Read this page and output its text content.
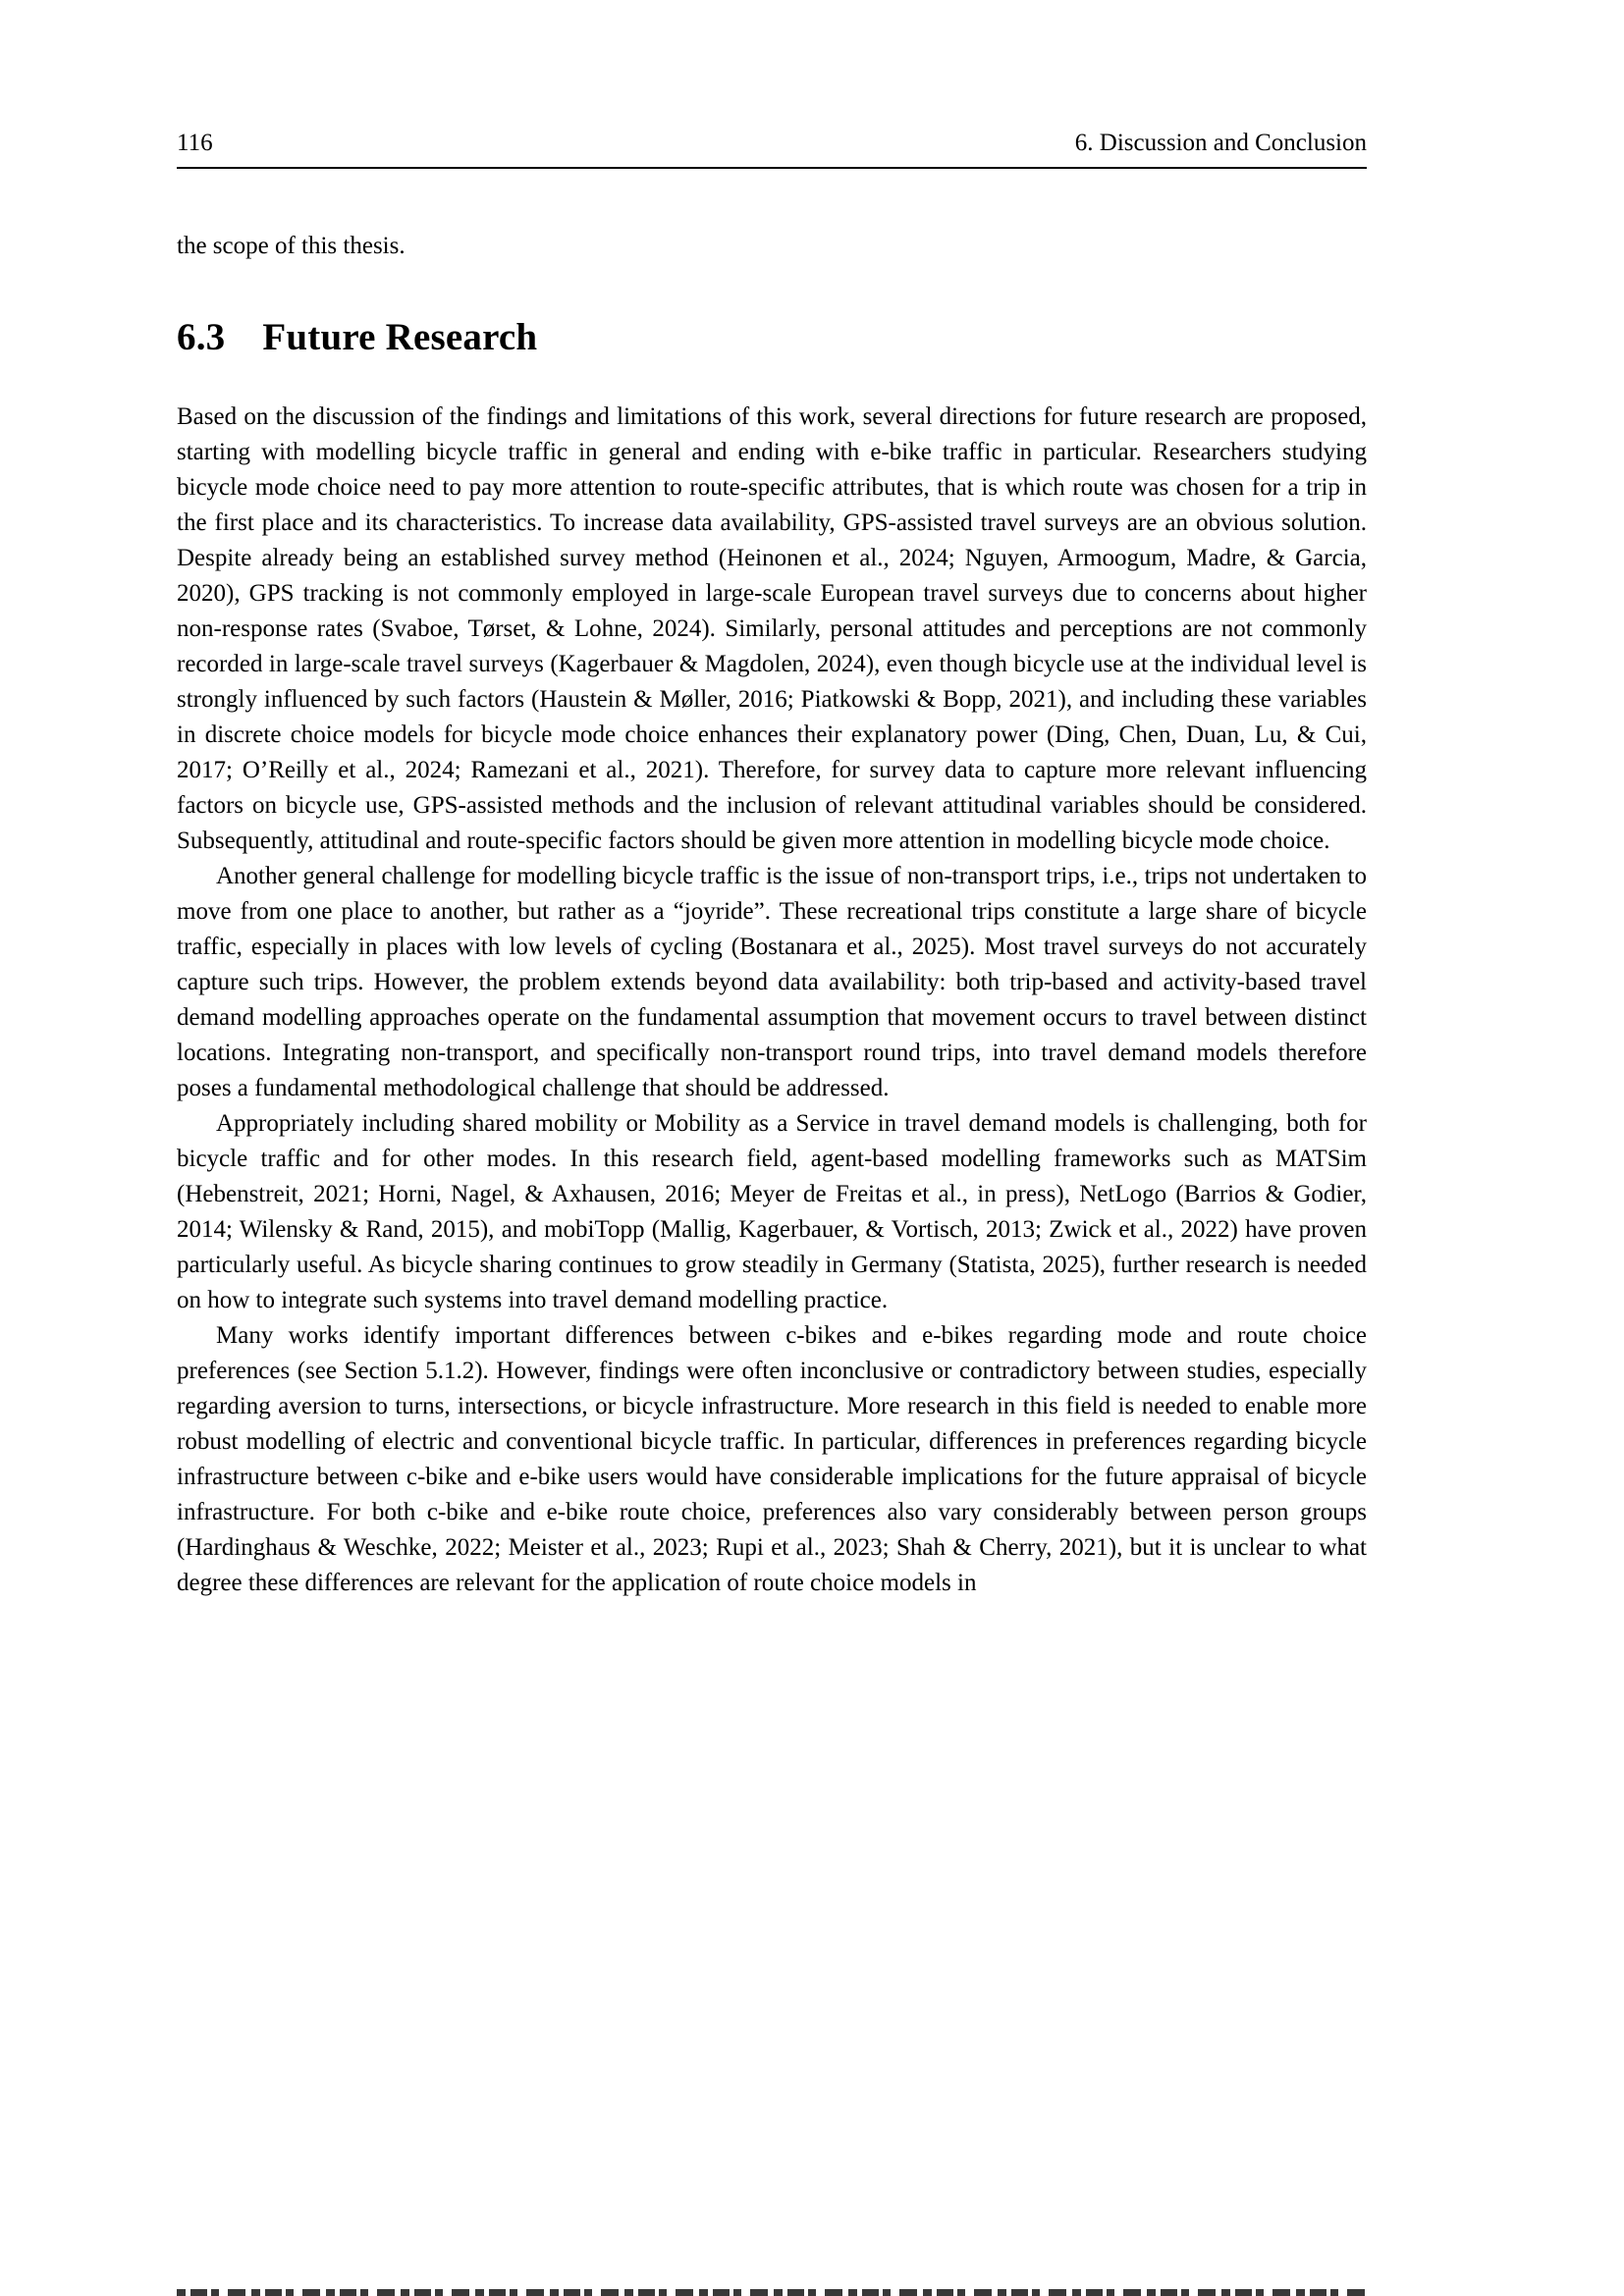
116	6. Discussion and Conclusion

the scope of this thesis.

6.3 Future Research

Based on the discussion of the findings and limitations of this work, several directions for future research are proposed, starting with modelling bicycle traffic in general and ending with e-bike traffic in particular. Researchers studying bicycle mode choice need to pay more attention to route-specific attributes, that is which route was chosen for a trip in the first place and its characteristics. To increase data availability, GPS-assisted travel surveys are an obvious solution. Despite already being an established survey method (Heinonen et al., 2024; Nguyen, Armoogum, Madre, & Garcia, 2020), GPS tracking is not commonly employed in large-scale European travel surveys due to concerns about higher non-response rates (Svaboe, Tørset, & Lohne, 2024). Similarly, personal attitudes and perceptions are not commonly recorded in large-scale travel surveys (Kagerbauer & Magdolen, 2024), even though bicycle use at the individual level is strongly influenced by such factors (Haustein & Møller, 2016; Piatkowski & Bopp, 2021), and including these variables in discrete choice models for bicycle mode choice enhances their explanatory power (Ding, Chen, Duan, Lu, & Cui, 2017; O’Reilly et al., 2024; Ramezani et al., 2021). Therefore, for survey data to capture more relevant influencing factors on bicycle use, GPS-assisted methods and the inclusion of relevant attitudinal variables should be considered. Subsequently, attitudinal and route-specific factors should be given more attention in modelling bicycle mode choice.

Another general challenge for modelling bicycle traffic is the issue of non-transport trips, i.e., trips not undertaken to move from one place to another, but rather as a “joyride”. These recreational trips constitute a large share of bicycle traffic, especially in places with low levels of cycling (Bostanara et al., 2025). Most travel surveys do not accurately capture such trips. However, the problem extends beyond data availability: both trip-based and activity-based travel demand modelling approaches operate on the fundamental assumption that movement occurs to travel between distinct locations. Integrating non-transport, and specifically non-transport round trips, into travel demand models therefore poses a fundamental methodological challenge that should be addressed.

Appropriately including shared mobility or Mobility as a Service in travel demand models is challenging, both for bicycle traffic and for other modes. In this research field, agent-based modelling frameworks such as MATSim (Hebenstreit, 2021; Horni, Nagel, & Axhausen, 2016; Meyer de Freitas et al., in press), NetLogo (Barrios & Godier, 2014; Wilensky & Rand, 2015), and mobiTopp (Mallig, Kagerbauer, & Vortisch, 2013; Zwick et al., 2022) have proven particularly useful. As bicycle sharing continues to grow steadily in Germany (Statista, 2025), further research is needed on how to integrate such systems into travel demand modelling practice.

Many works identify important differences between c-bikes and e-bikes regarding mode and route choice preferences (see Section 5.1.2). However, findings were often inconclusive or contradictory between studies, especially regarding aversion to turns, intersections, or bicycle infrastructure. More research in this field is needed to enable more robust modelling of electric and conventional bicycle traffic. In particular, differences in preferences regarding bicycle infrastructure between c-bike and e-bike users would have considerable implications for the future appraisal of bicycle infrastructure. For both c-bike and e-bike route choice, preferences also vary considerably between person groups (Hardinghaus & Weschke, 2022; Meister et al., 2023; Rupi et al., 2023; Shah & Cherry, 2021), but it is unclear to what degree these differences are relevant for the application of route choice models in
